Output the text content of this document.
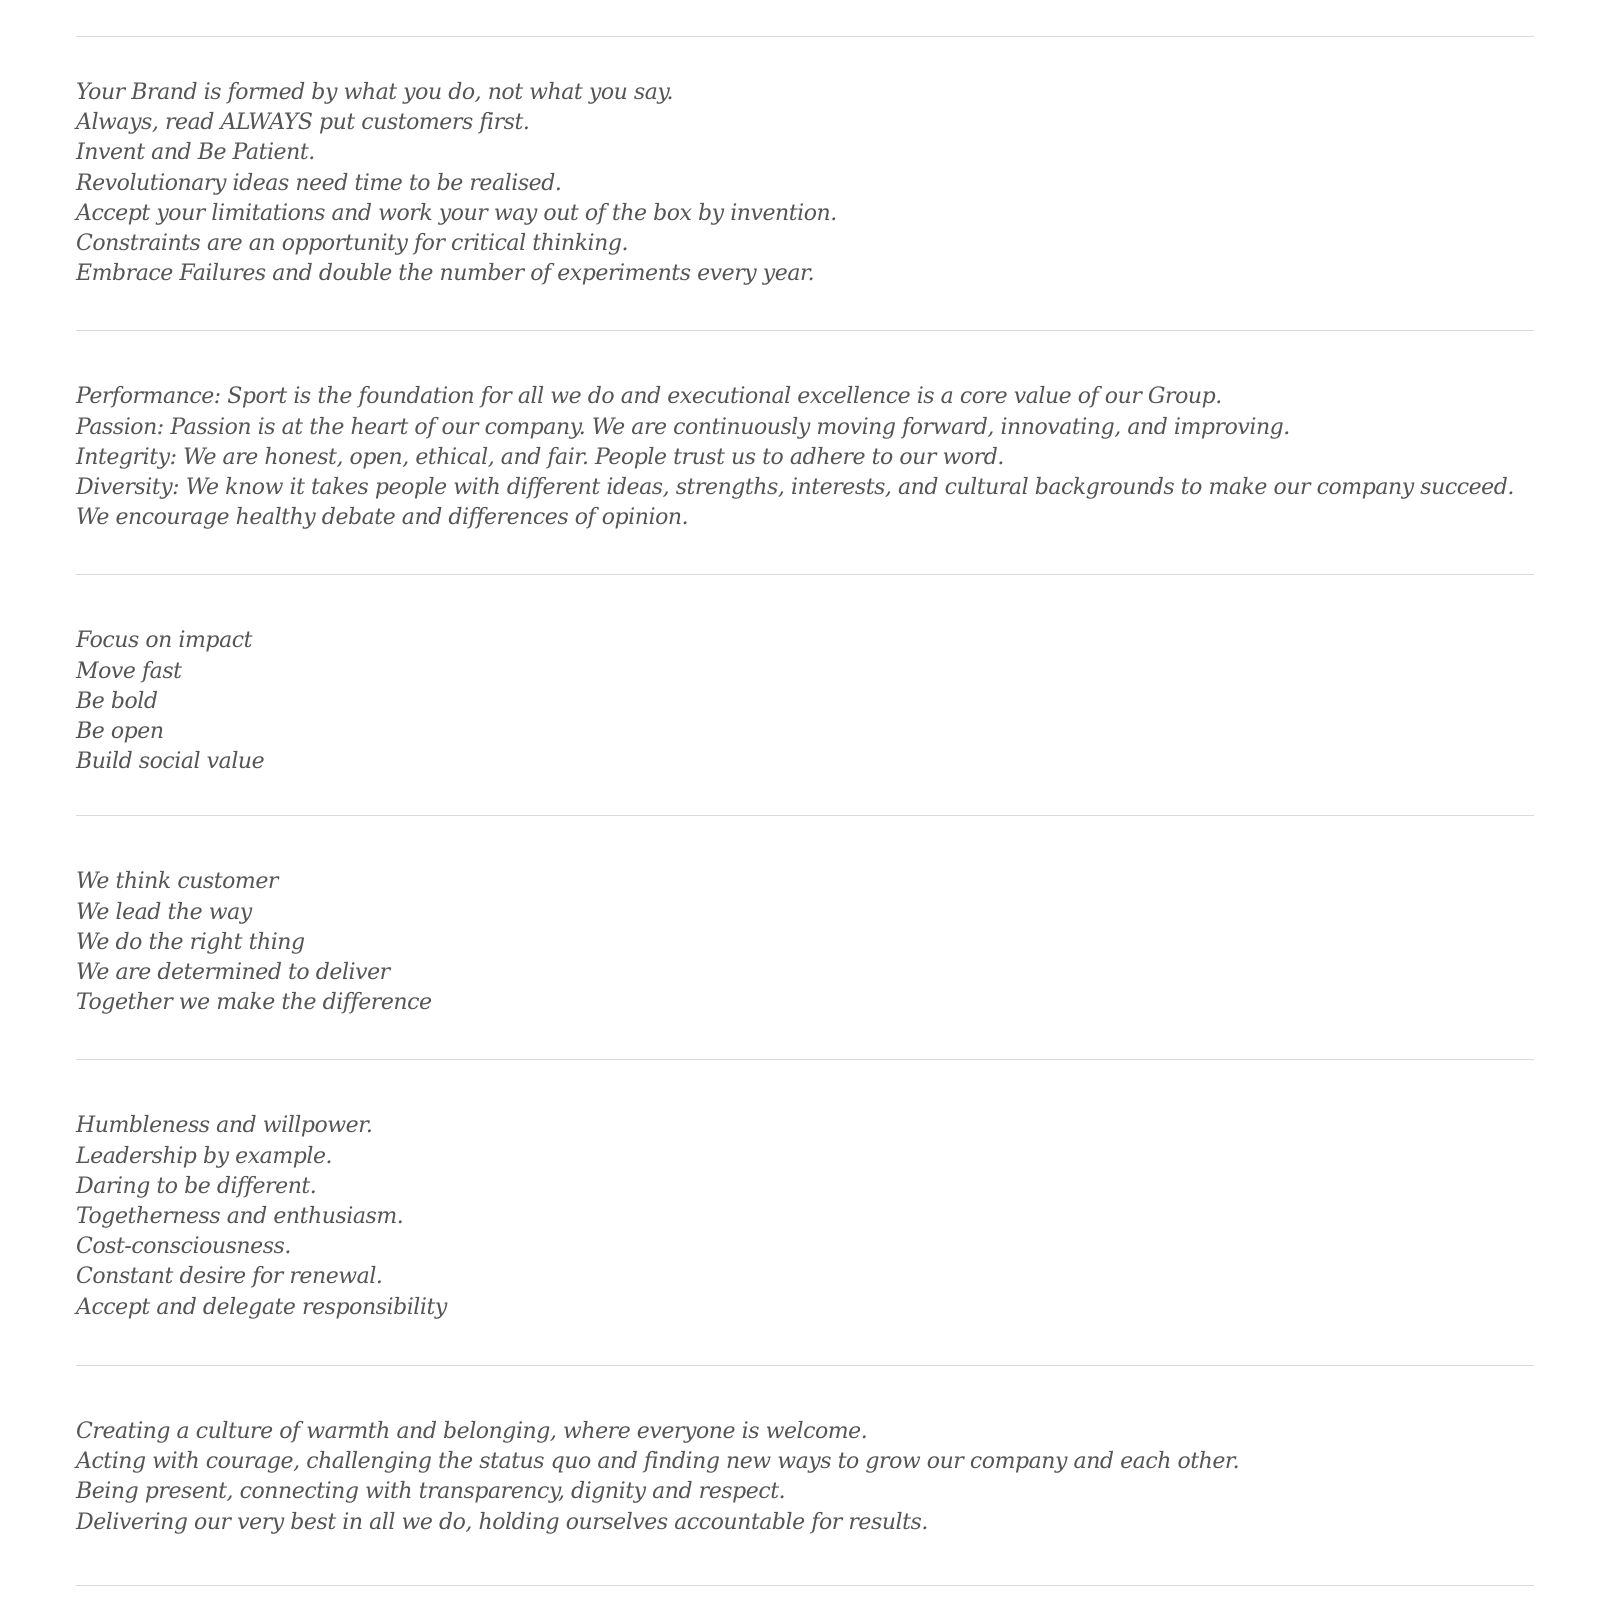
Your Brand is formed by what you do, not what you say.
Always, read ALWAYS put customers first.
Invent and Be Patient.
Revolutionary ideas need time to be realised.
Accept your limitations and work your way out of the box by invention.
Constraints are an opportunity for critical thinking.
Embrace Failures and double the number of experiments every year.
Performance: Sport is the foundation for all we do and executional excellence is a core value of our Group.
Passion: Passion is at the heart of our company. We are continuously moving forward, innovating, and improving.
Integrity: We are honest, open, ethical, and fair. People trust us to adhere to our word.
Diversity: We know it takes people with different ideas, strengths, interests, and cultural backgrounds to make our company succeed.
We encourage healthy debate and differences of opinion.
Focus on impact
Move fast
Be bold
Be open
Build social value
We think customer
We lead the way
We do the right thing
We are determined to deliver
Together we make the difference
Humbleness and willpower.
Leadership by example.
Daring to be different.
Togetherness and enthusiasm.
Cost-consciousness.
Constant desire for renewal.
Accept and delegate responsibility
Creating a culture of warmth and belonging, where everyone is welcome.
Acting with courage, challenging the status quo and finding new ways to grow our company and each other.
Being present, connecting with transparency, dignity and respect.
Delivering our very best in all we do, holding ourselves accountable for results.
